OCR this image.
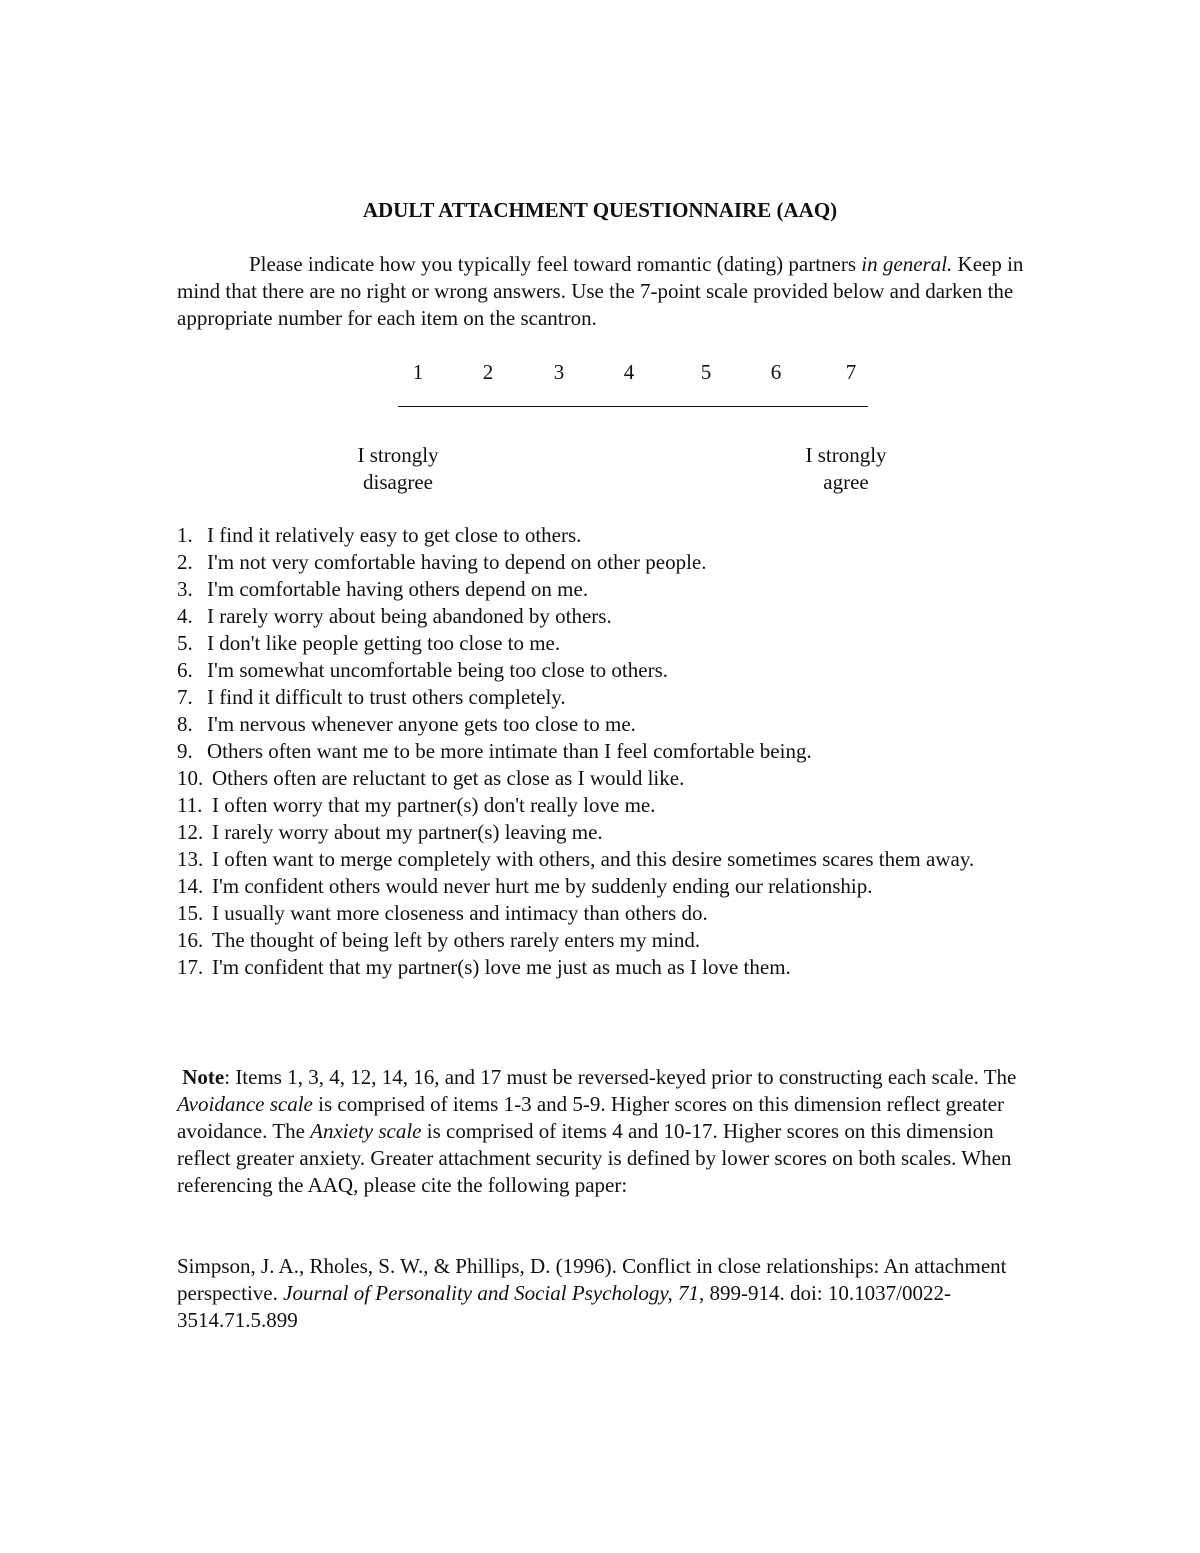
ADULT ATTACHMENT QUESTIONNAIRE (AAQ)

Please indicate how you typically feel toward romantic (dating) partners in general. Keep in mind that there are no right or wrong answers. Use the 7-point scale provided below and darken the appropriate number for each item on the scantron.

1	2	3	4	5	6	7
I strongly
disagree
I strongly
agree
1. I find it relatively easy to get close to others.
2. I'm not very comfortable having to depend on other people.
3. I'm comfortable having others depend on me.
4. I rarely worry about being abandoned by others.
5. I don't like people getting too close to me.
6. I'm somewhat uncomfortable being too close to others.
7. I find it difficult to trust others completely.
8. I'm nervous whenever anyone gets too close to me.
9. Others often want me to be more intimate than I feel comfortable being.
10. Others often are reluctant to get as close as I would like.
11. I often worry that my partner(s) don't really love me.
12. I rarely worry about my partner(s) leaving me.
13. I often want to merge completely with others, and this desire sometimes scares them away.
14. I'm confident others would never hurt me by suddenly ending our relationship.
15. I usually want more closeness and intimacy than others do.
16. The thought of being left by others rarely enters my mind.
17. I'm confident that my partner(s) love me just as much as I love them.

Note: Items 1, 3, 4, 12, 14, 16, and 17 must be reversed-keyed prior to constructing each scale. The Avoidance scale is comprised of items 1-3 and 5-9. Higher scores on this dimension reflect greater avoidance. The Anxiety scale is comprised of items 4 and 10-17. Higher scores on this dimension reflect greater anxiety. Greater attachment security is defined by lower scores on both scales. When referencing the AAQ, please cite the following paper:

Simpson, J. A., Rholes, S. W., & Phillips, D. (1996). Conflict in close relationships: An attachment perspective. Journal of Personality and Social Psychology, 71, 899-914. doi: 10.1037/0022-3514.71.5.899
